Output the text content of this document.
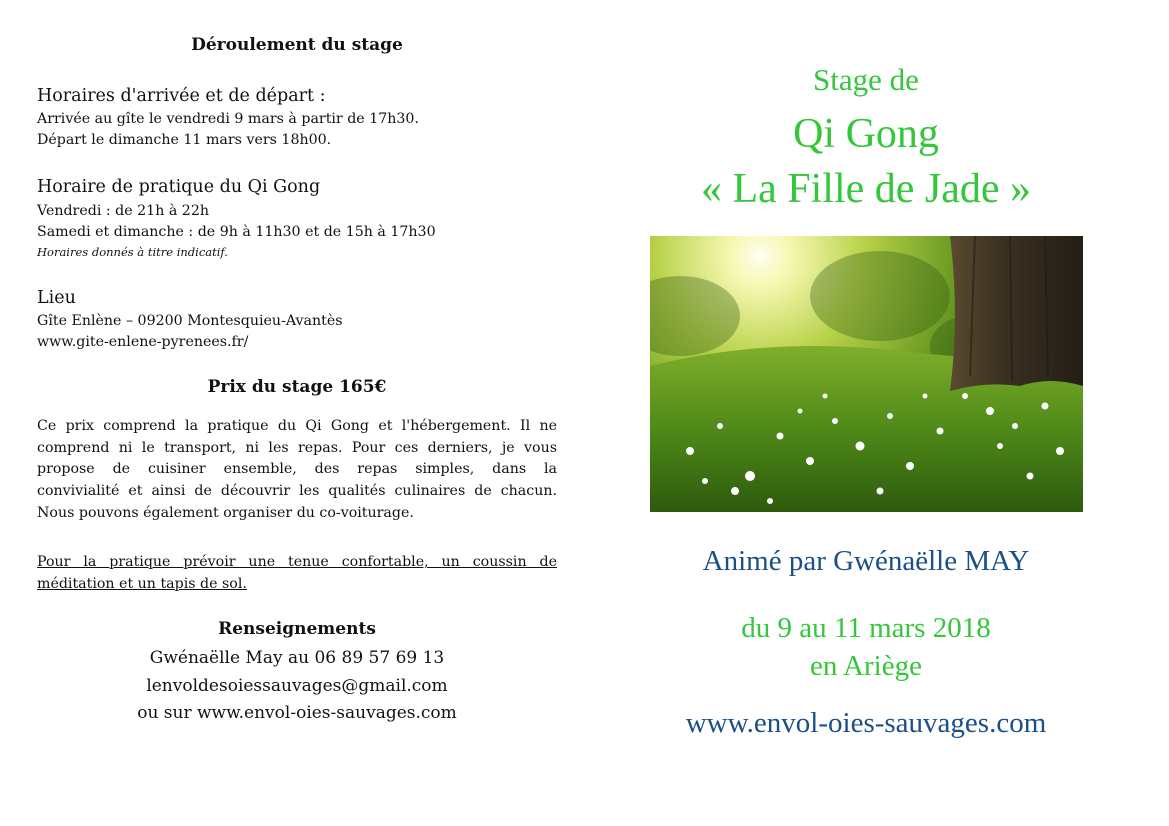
Déroulement du stage
Horaires d'arrivée et de départ :
Arrivée au gîte le vendredi 9 mars à partir de 17h30.
Départ le dimanche 11 mars vers 18h00.
Horaire de pratique du Qi Gong
Vendredi : de 21h à 22h
Samedi et dimanche : de 9h à 11h30 et de 15h à 17h30
Horaires donnés à titre indicatif.
Lieu
Gîte Enlène – 09200 Montesquieu-Avantès
www.gite-enlene-pyrenees.fr/
Prix du stage 165€
Ce prix comprend la pratique du Qi Gong et l'hébergement. Il ne
comprend ni le transport, ni les repas. Pour ces derniers, je vous
propose de cuisiner ensemble, des repas simples, dans la
convivialité et ainsi de découvrir les qualités culinaires de chacun.
Nous pouvons également organiser du co-voiturage.
Pour la pratique prévoir une tenue confortable, un coussin de
méditation et un tapis de sol.
Renseignements
Gwénaëlle May au 06 89 57 69 13
lenvoldesoiessauvages@gmail.com
ou sur www.envol-oies-sauvages.com
Stage de
Qi Gong
« La Fille de Jade »
Animé par Gwénaëlle MAY
du 9 au 11 mars 2018
en Ariège
www.envol-oies-sauvages.com
